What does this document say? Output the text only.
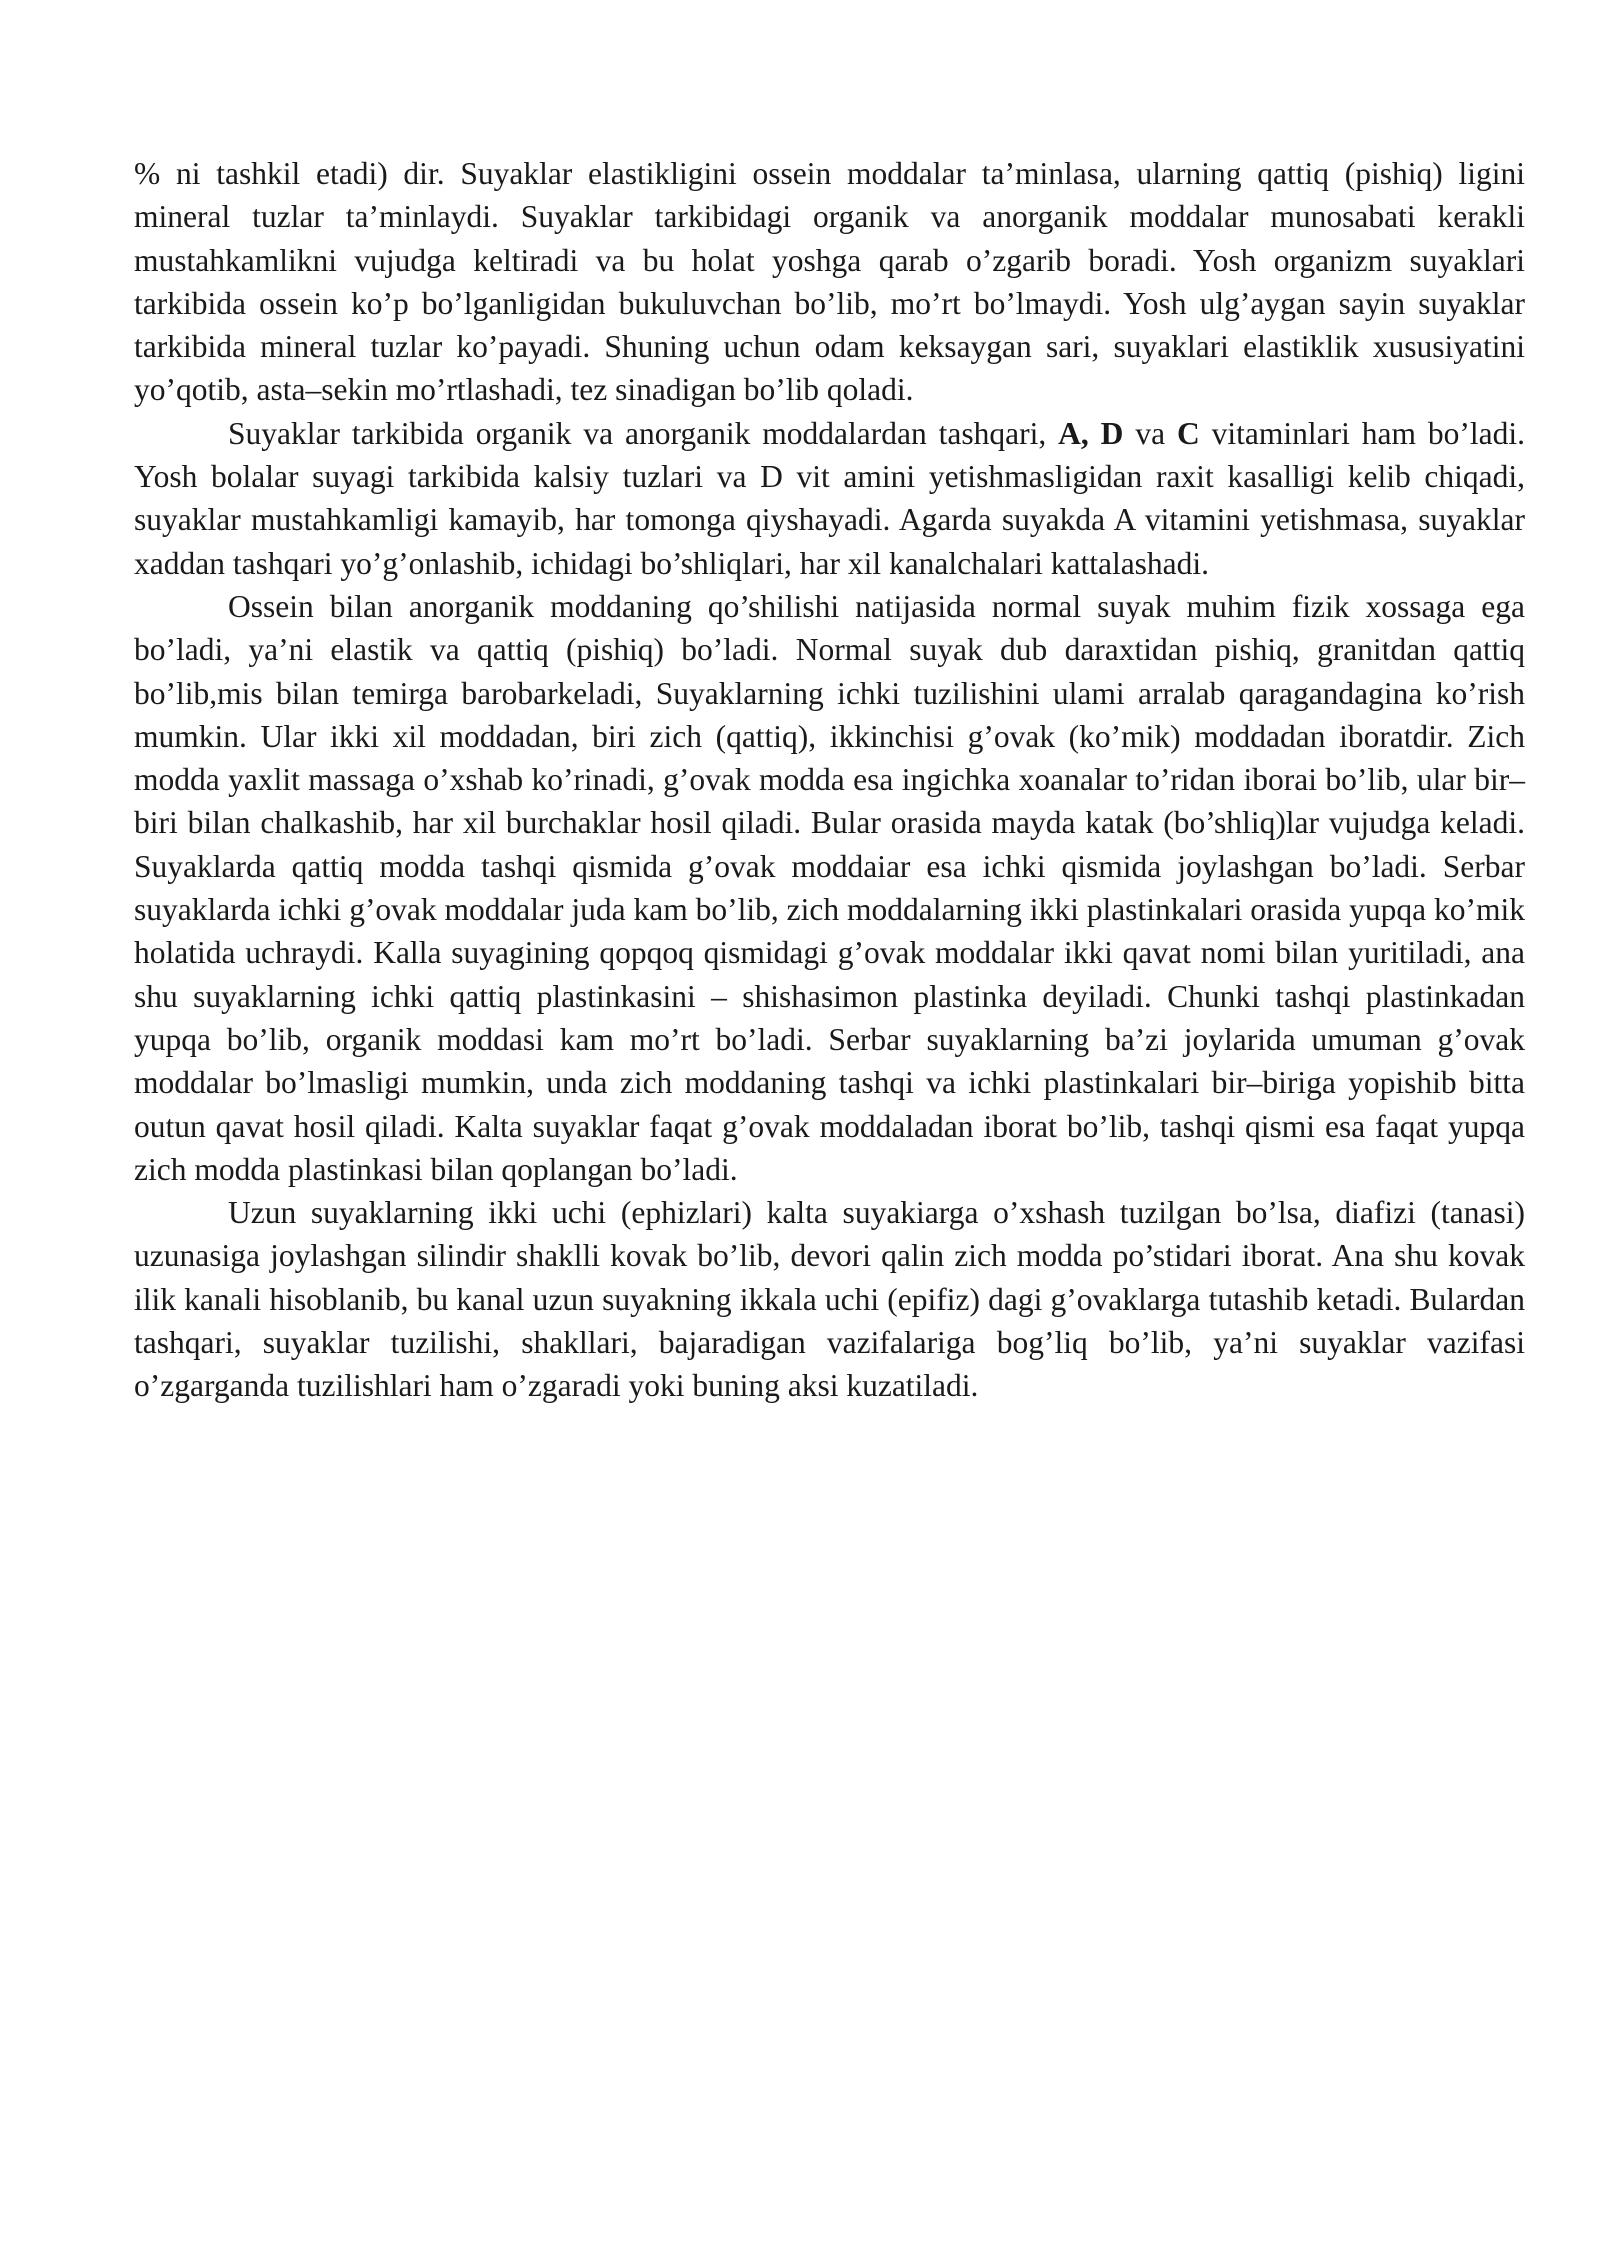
% ni tashkil etadi) dir. Suyaklar elastikligini ossein moddalar ta’minlasa, ularning qattiq (pishiq) ligini mineral tuzlar ta’minlaydi. Suyaklar tarkibidagi organik va anorganik moddalar munosabati kerakli mustahkamlikni vujudga keltiradi va bu holat yoshga qarab o’zgarib boradi. Yosh organizm suyaklari tarkibida ossein ko’p bo’lganligidan bukuluvchan bo’lib, mo’rt bo’lmaydi. Yosh ulg’aygan sayin suyaklar tarkibida mineral tuzlar ko’payadi. Shuning uchun odam keksaygan sari, suyaklari elastiklik xususiyatini yo’qotib, asta–sekin mo’rtlashadi, tez sinadigan bo’lib qoladi.

Suyaklar tarkibida organik va anorganik moddalardan tashqari, A, D va C vitaminlari ham bo’ladi. Yosh bolalar suyagi tarkibida kalsiy tuzlari va D vit amini yetishmasligidan raxit kasalligi kelib chiqadi, suyaklar mustahkamligi kamayib, har tomonga qiyshayadi. Agarda suyakda A vitamini yetishmasa, suyaklar xaddan tashqari yo’g’onlashib, ichidagi bo’shliqlari, har xil kanalchalari kattalashadi.

Ossein bilan anorganik moddaning qo’shilishi natijasida normal suyak muhim fizik xossaga ega bo’ladi, ya’ni elastik va qattiq (pishiq) bo’ladi. Normal suyak dub daraxtidan pishiq, granitdan qattiq bo’lib,mis bilan temirga barobarkeladi, Suyaklarning ichki tuzilishini ulami arralab qaragandagina ko’rish mumkin. Ular ikki xil moddadan, biri zich (qattiq), ikkinchisi g’ovak (ko’mik) moddadan iboratdir. Zich modda yaxlit massaga o’xshab ko’rinadi, g’ovak modda esa ingichka xoanalar to’ridan iborai bo’lib, ular bir–biri bilan chalkashib, har xil burchaklar hosil qiladi. Bular orasida mayda katak (bo’shliq)lar vujudga keladi. Suyaklarda qattiq modda tashqi qismida g’ovak moddaiar esa ichki qismida joylashgan bo’ladi. Serbar suyaklarda ichki g’ovak moddalar juda kam bo’lib, zich moddalarning ikki plastinkalari orasida yupqa ko’mik holatida uchraydi. Kalla suyagining qopqoq qismidagi g’ovak moddalar ikki qavat nomi bilan yuritiladi, ana shu suyaklarning ichki qattiq plastinkasini – shishasimon plastinka deyiladi. Chunki tashqi plastinkadan yupqa bo’lib, organik moddasi kam mo’rt bo’ladi. Serbar suyaklarning ba’zi joylarida umuman g’ovak moddalar bo’lmasligi mumkin, unda zich moddaning tashqi va ichki plastinkalari bir–biriga yopishib bitta outun qavat hosil qiladi. Kalta suyaklar faqat g’ovak moddaladan iborat bo’lib, tashqi qismi esa faqat yupqa zich modda plastinkasi bilan qoplangan bo’ladi.

Uzun suyaklarning ikki uchi (ephizlari) kalta suyakiarga o’xshash tuzilgan bo’lsa, diafizi (tanasi) uzunasiga joylashgan silindir shaklli kovak bo’lib, devori qalin zich modda po’stidari iborat. Ana shu kovak ilik kanali hisoblanib, bu kanal uzun suyakning ikkala uchi (epifiz) dagi g’ovaklarga tutashib ketadi. Bulardan tashqari, suyaklar tuzilishi, shakllari, bajaradigan vazifalariga bog’liq bo’lib, ya’ni suyaklar vazifasi o’zgarganda tuzilishlari ham o’zgaradi yoki buning aksi kuzatiladi.
